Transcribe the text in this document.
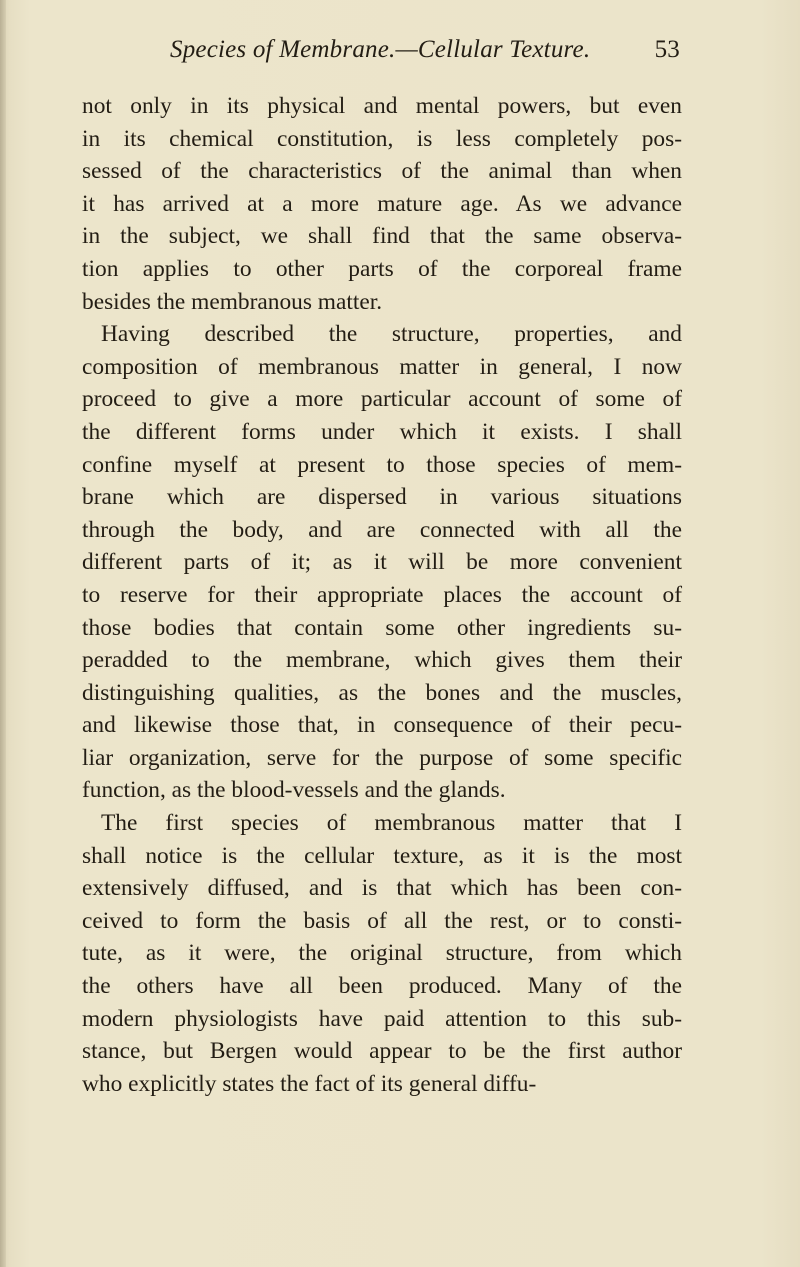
Species of Membrane.—Cellular Texture.	53
not only in its physical and mental powers, but even
in its chemical constitution, is less completely pos-
sessed of the characteristics of the animal than when
it has arrived at a more mature age. As we advance
in the subject, we shall find that the same observa-
tion applies to other parts of the corporeal frame
besides the membranous matter.
Having described the structure, properties, and
composition of membranous matter in general, I now
proceed to give a more particular account of some of
the different forms under which it exists. I shall
confine myself at present to those species of mem-
brane which are dispersed in various situations
through the body, and are connected with all the
different parts of it; as it will be more convenient
to reserve for their appropriate places the account of
those bodies that contain some other ingredients su-
peradded to the membrane, which gives them their
distinguishing qualities, as the bones and the muscles,
and likewise those that, in consequence of their pecu-
liar organization, serve for the purpose of some specific
function, as the blood-vessels and the glands.
The first species of membranous matter that I
shall notice is the cellular texture, as it is the most
extensively diffused, and is that which has been con-
ceived to form the basis of all the rest, or to consti-
tute, as it were, the original structure, from which
the others have all been produced. Many of the
modern physiologists have paid attention to this sub-
stance, but Bergen would appear to be the first author
who explicitly states the fact of its general diffu-
